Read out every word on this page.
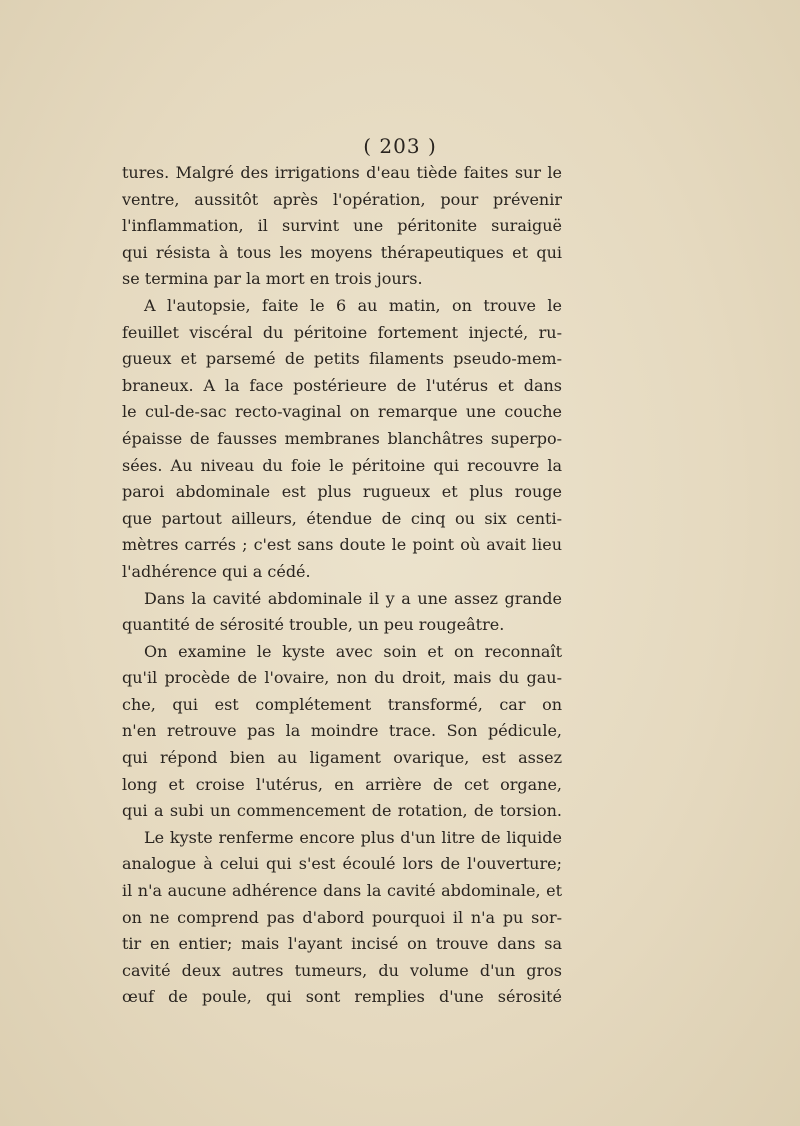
( 203 )
tures. Malgré des irrigations d'eau tiède faites sur le
ventre, aussitôt après l'opération, pour prévenir
l'inflammation, il survint une péritonite suraiguë
qui résista à tous les moyens thérapeutiques et qui
se termina par la mort en trois jours.
A l'autopsie, faite le 6 au matin, on trouve le
feuillet viscéral du péritoine fortement injecté, ru-
gueux et parsemé de petits filaments pseudo-mem-
braneux. A la face postérieure de l'utérus et dans
le cul-de-sac recto-vaginal on remarque une couche
épaisse de fausses membranes blanchâtres superpo-
sées. Au niveau du foie le péritoine qui recouvre la
paroi abdominale est plus rugueux et plus rouge
que partout ailleurs, étendue de cinq ou six centi-
mètres carrés ; c'est sans doute le point où avait lieu
l'adhérence qui a cédé.
Dans la cavité abdominale il y a une assez grande
quantité de sérosité trouble, un peu rougeâtre.
On examine le kyste avec soin et on reconnaît
qu'il procède de l'ovaire, non du droit, mais du gau-
che, qui est complétement transformé, car on
n'en retrouve pas la moindre trace. Son pédicule,
qui répond bien au ligament ovarique, est assez
long et croise l'utérus, en arrière de cet organe,
qui a subi un commencement de rotation, de torsion.
Le kyste renferme encore plus d'un litre de liquide
analogue à celui qui s'est écoulé lors de l'ouverture;
il n'a aucune adhérence dans la cavité abdominale, et
on ne comprend pas d'abord pourquoi il n'a pu sor-
tir en entier; mais l'ayant incisé on trouve dans sa
cavité deux autres tumeurs, du volume d'un gros
œuf de poule, qui sont remplies d'une sérosité
